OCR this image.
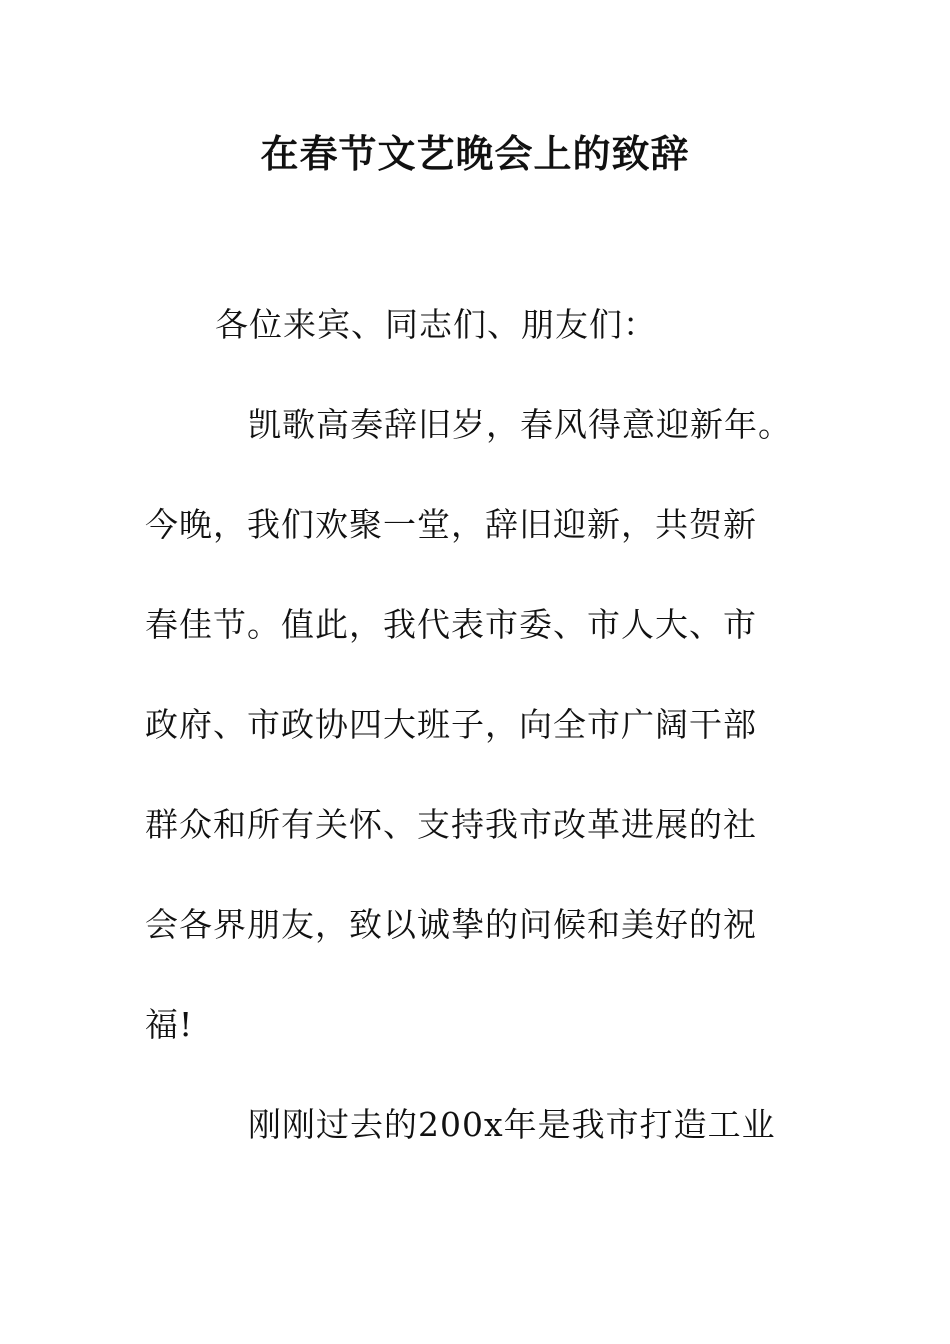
在春节文艺晚会上的致辞
各位来宾、同志们、朋友们：
凯歌高奏辞旧岁，春风得意迎新年。
今晚，我们欢聚一堂，辞旧迎新，共贺新
春佳节。值此，我代表市委、市人大、市
政府、市政协四大班子，向全市广阔干部
群众和所有关怀、支持我市改革进展的社
会各界朋友，致以诚挚的问候和美好的祝
福!
刚刚过去的200x年是我市打造工业
